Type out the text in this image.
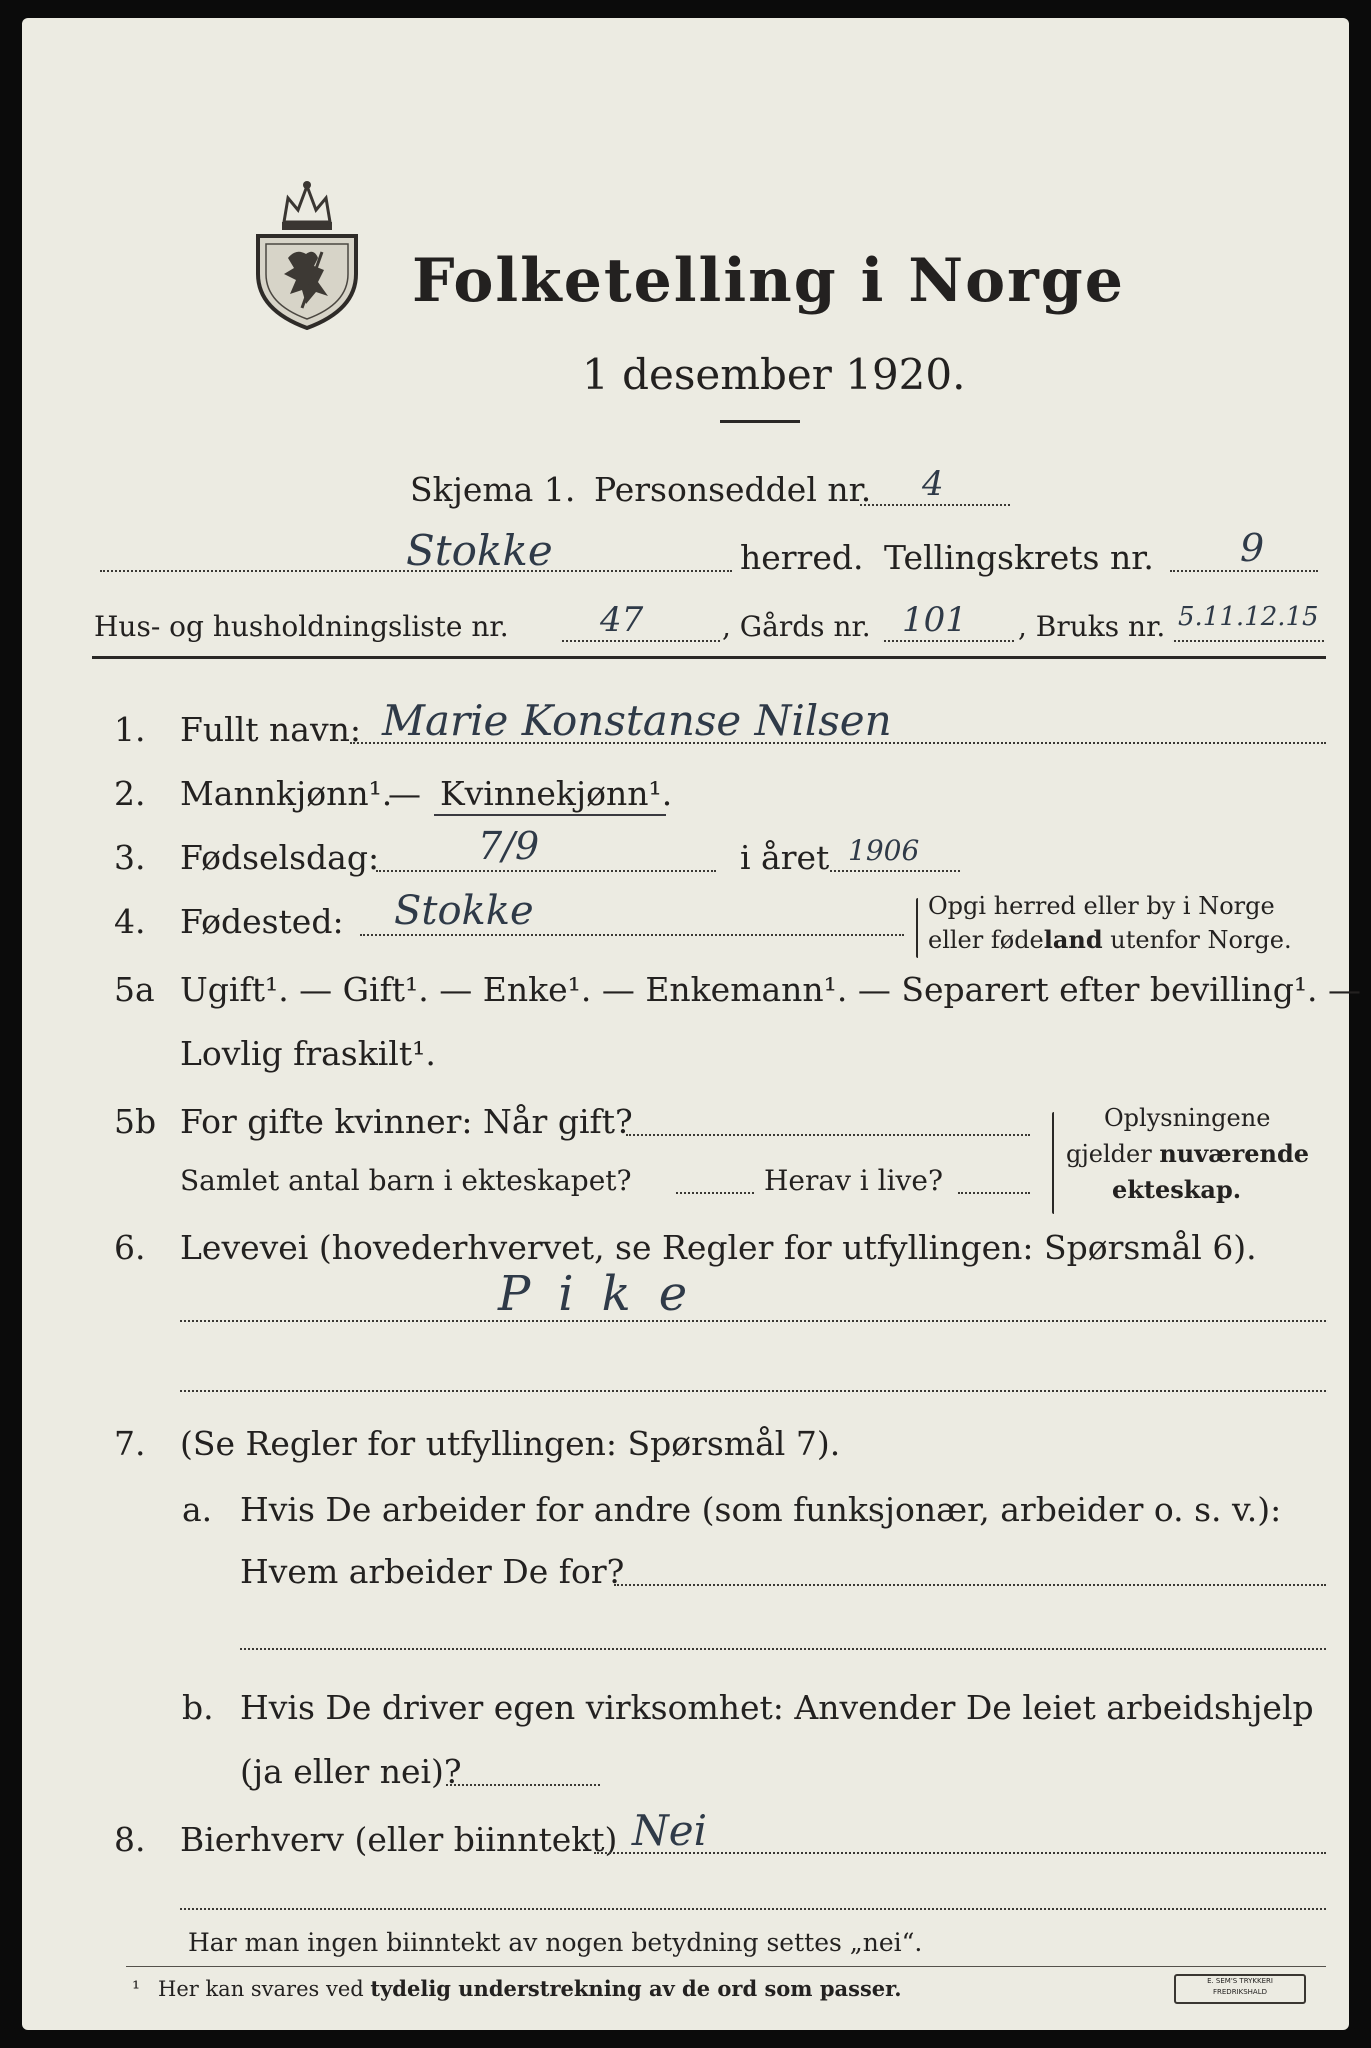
Folketelling i Norge
1 desember 1920.
Skjema 1. Personseddel nr. 4
Stokke	herred. Tellingskrets nr. 9
Hus- og husholdningsliste nr.	47	, Gårds nr. 101 , Bruks nr. 5.11.12.15
1. Fullt navn: Marie Konstanse Nilsen
2. Mannkjønn¹.
— Kvinnekjønn¹.
3. Fødselsdag:	7/9	i året 1906
4. Fødested: Stokke	Opgi herred eller by i Norge
eller fødeland utenfor Norge.
5a Ugift¹. — Gift¹. — Enke¹. — Enkemann¹. — Separert efter bevilling¹. —
Lovlig fraskilt¹.
5b For gifte kvinner: Når gift?
Samlet antal barn i ekteskapet?	Herav i live?
Oplysningene
gjelder nuværende
ekteskap.
6. Levevei (hovederhvervet, se Regler for utfyllingen: Spørsmål 6).
Pike
7. (Se Regler for utfyllingen: Spørsmål 7).
a. Hvis De arbeider for andre (som funksjonær, arbeider o. s. v.):
Hvem arbeider De for?
b. Hvis De driver egen virksomhet: Anvender De leiet arbeidshjelp
(ja eller nei)?
8. Bierhverv (eller biinntekt) Nei
Har man ingen biinntekt av nogen betydning settes „nei“.
¹ Her kan svares ved tydelig understrekning av de ord som passer.	E. SEM'S TRYKKERI
FREDRIKSHALD
